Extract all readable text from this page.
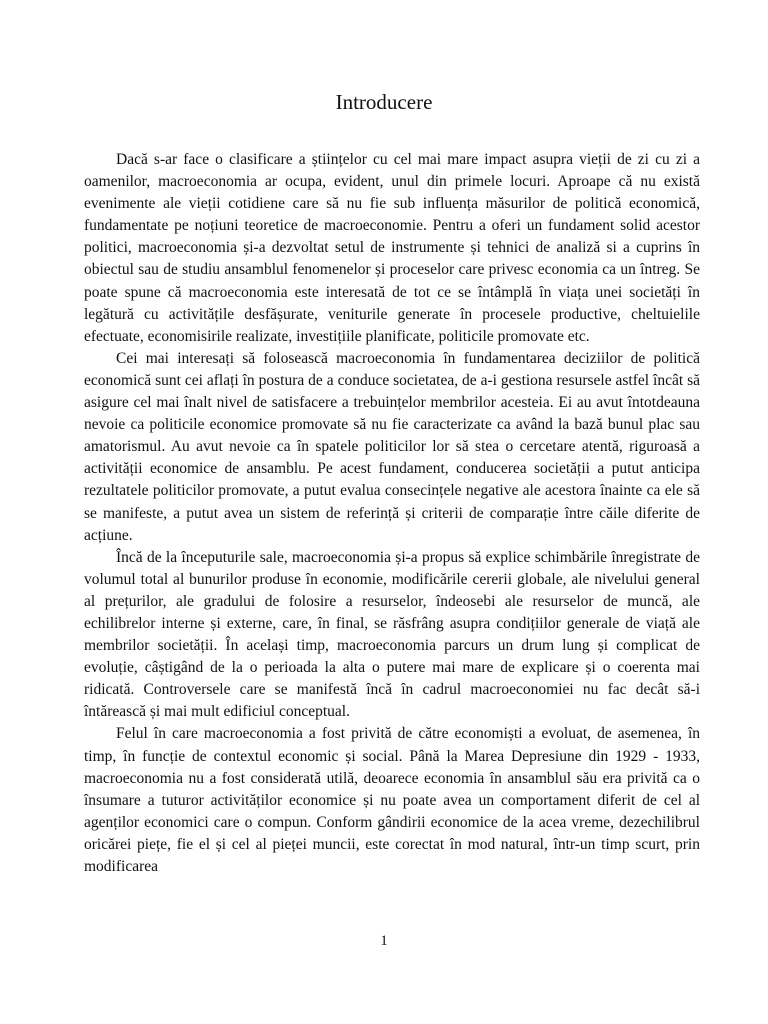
Introducere

Dacă s-ar face o clasificare a științelor cu cel mai mare impact asupra vieții de zi cu zi a oamenilor, macroeconomia ar ocupa, evident, unul din primele locuri. Aproape că nu există evenimente ale vieții cotidiene care să nu fie sub influența măsurilor de politică economică, fundamentate pe noțiuni teoretice de macroeconomie. Pentru a oferi un fundament solid acestor politici, macroeconomia și-a dezvoltat setul de instrumente și tehnici de analiză si a cuprins în obiectul sau de studiu ansamblul fenomenelor și proceselor care privesc economia ca un întreg. Se poate spune că macroeconomia este interesată de tot ce se întâmplă în viața unei societăți în legătură cu activitățile desfășurate, veniturile generate în procesele productive, cheltuielile efectuate, economisirile realizate, investițiile planificate, politicile promovate etc.

Cei mai interesați să folosească macroeconomia în fundamentarea deciziilor de politică economică sunt cei aflați în postura de a conduce societatea, de a-i gestiona resursele astfel încât să asigure cel mai înalt nivel de satisfacere a trebuințelor membrilor acesteia. Ei au avut întotdeauna nevoie ca politicile economice promovate să nu fie caracterizate ca având la bază bunul plac sau amatorismul. Au avut nevoie ca în spatele politicilor lor să stea o cercetare atentă, riguroasă a activității economice de ansamblu. Pe acest fundament, conducerea societății a putut anticipa rezultatele politicilor promovate, a putut evalua consecințele negative ale acestora înainte ca ele să se manifeste, a putut avea un sistem de referință și criterii de comparație între căile diferite de acțiune.

Încă de la începuturile sale, macroeconomia și-a propus să explice schimbările înregistrate de volumul total al bunurilor produse în economie, modificările cererii globale, ale nivelului general al prețurilor, ale gradului de folosire a resurselor, îndeosebi ale resurselor de muncă, ale echilibrelor interne și externe, care, în final, se răsfrâng asupra condițiilor generale de viață ale membrilor societății. În același timp, macroeconomia parcurs un drum lung și complicat de evoluție, câștigând de la o perioada la alta o putere mai mare de explicare și o coerenta mai ridicată. Controversele care se manifestă încă în cadrul macroeconomiei nu fac decât să-i întărească și mai mult edificiul conceptual.

Felul în care macroeconomia a fost privită de către economiști a evoluat, de asemenea, în timp, în funcție de contextul economic și social. Până la Marea Depresiune din 1929 - 1933, macroeconomia nu a fost considerată utilă, deoarece economia în ansamblul său era privită ca o însumare a tuturor activităților economice și nu poate avea un comportament diferit de cel al agenților economici care o compun. Conform gândirii economice de la acea vreme, dezechilibrul oricărei piețe, fie el și cel al pieței muncii, este corectat în mod natural, într-un timp scurt, prin modificarea

1
